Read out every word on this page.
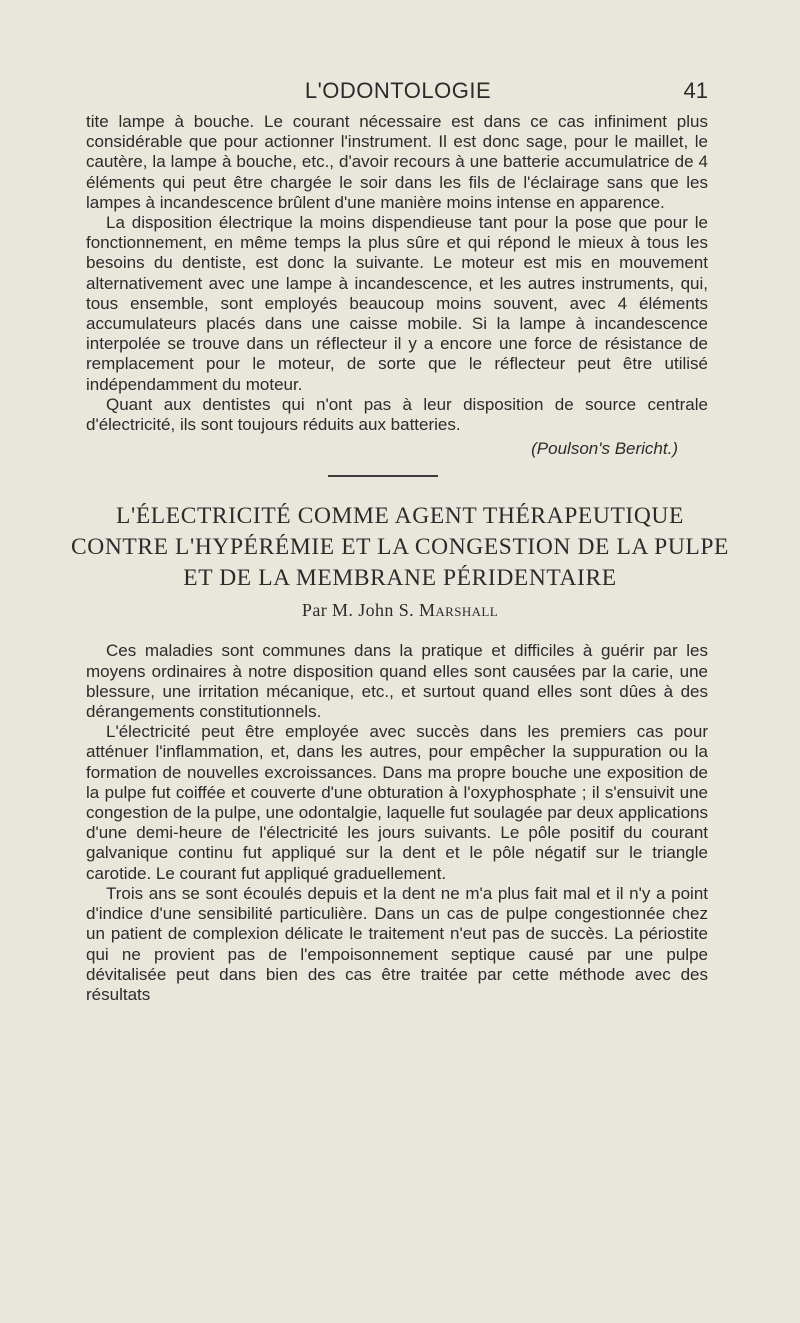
L'ODONTOLOGIE	41

tite lampe à bouche. Le courant nécessaire est dans ce cas infiniment plus considérable que pour actionner l'instrument. Il est donc sage, pour le maillet, le cautère, la lampe à bouche, etc., d'avoir recours à une batterie accumulatrice de 4 éléments qui peut être chargée le soir dans les fils de l'éclairage sans que les lampes à incandescence brûlent d'une manière moins intense en apparence.

La disposition électrique la moins dispendieuse tant pour la pose que pour le fonctionnement, en même temps la plus sûre et qui répond le mieux à tous les besoins du dentiste, est donc la suivante. Le moteur est mis en mouvement alternativement avec une lampe à incandescence, et les autres instruments, qui, tous ensemble, sont employés beaucoup moins souvent, avec 4 éléments accumulateurs placés dans une caisse mobile. Si la lampe à incandescence interpolée se trouve dans un réflecteur il y a encore une force de résistance de remplacement pour le moteur, de sorte que le réflecteur peut être utilisé indépendamment du moteur.

Quant aux dentistes qui n'ont pas à leur disposition de source centrale d'électricité, ils sont toujours réduits aux batteries.

(Poulson's Bericht.)
L'ÉLECTRICITÉ COMME AGENT THÉRAPEUTIQUE CONTRE L'HYPÉRÉMIE ET LA CONGESTION DE LA PULPE ET DE LA MEMBRANE PÉRIDENTAIRE
Par M. John S. Marshall

Ces maladies sont communes dans la pratique et difficiles à guérir par les moyens ordinaires à notre disposition quand elles sont causées par la carie, une blessure, une irritation mécanique, etc., et surtout quand elles sont dûes à des dérangements constitutionnels.

L'électricité peut être employée avec succès dans les premiers cas pour atténuer l'inflammation, et, dans les autres, pour empêcher la suppuration ou la formation de nouvelles excroissances. Dans ma propre bouche une exposition de la pulpe fut coiffée et couverte d'une obturation à l'oxyphosphate ; il s'ensuivit une congestion de la pulpe, une odontalgie, laquelle fut soulagée par deux applications d'une demi-heure de l'électricité les jours suivants. Le pôle positif du courant galvanique continu fut appliqué sur la dent et le pôle négatif sur le triangle carotide. Le courant fut appliqué graduellement.

Trois ans se sont écoulés depuis et la dent ne m'a plus fait mal et il n'y a point d'indice d'une sensibilité particulière. Dans un cas de pulpe congestionnée chez un patient de complexion délicate le traitement n'eut pas de succès. La périostite qui ne provient pas de l'empoisonnement septique causé par une pulpe dévitalisée peut dans bien des cas être traitée par cette méthode avec des résultats
